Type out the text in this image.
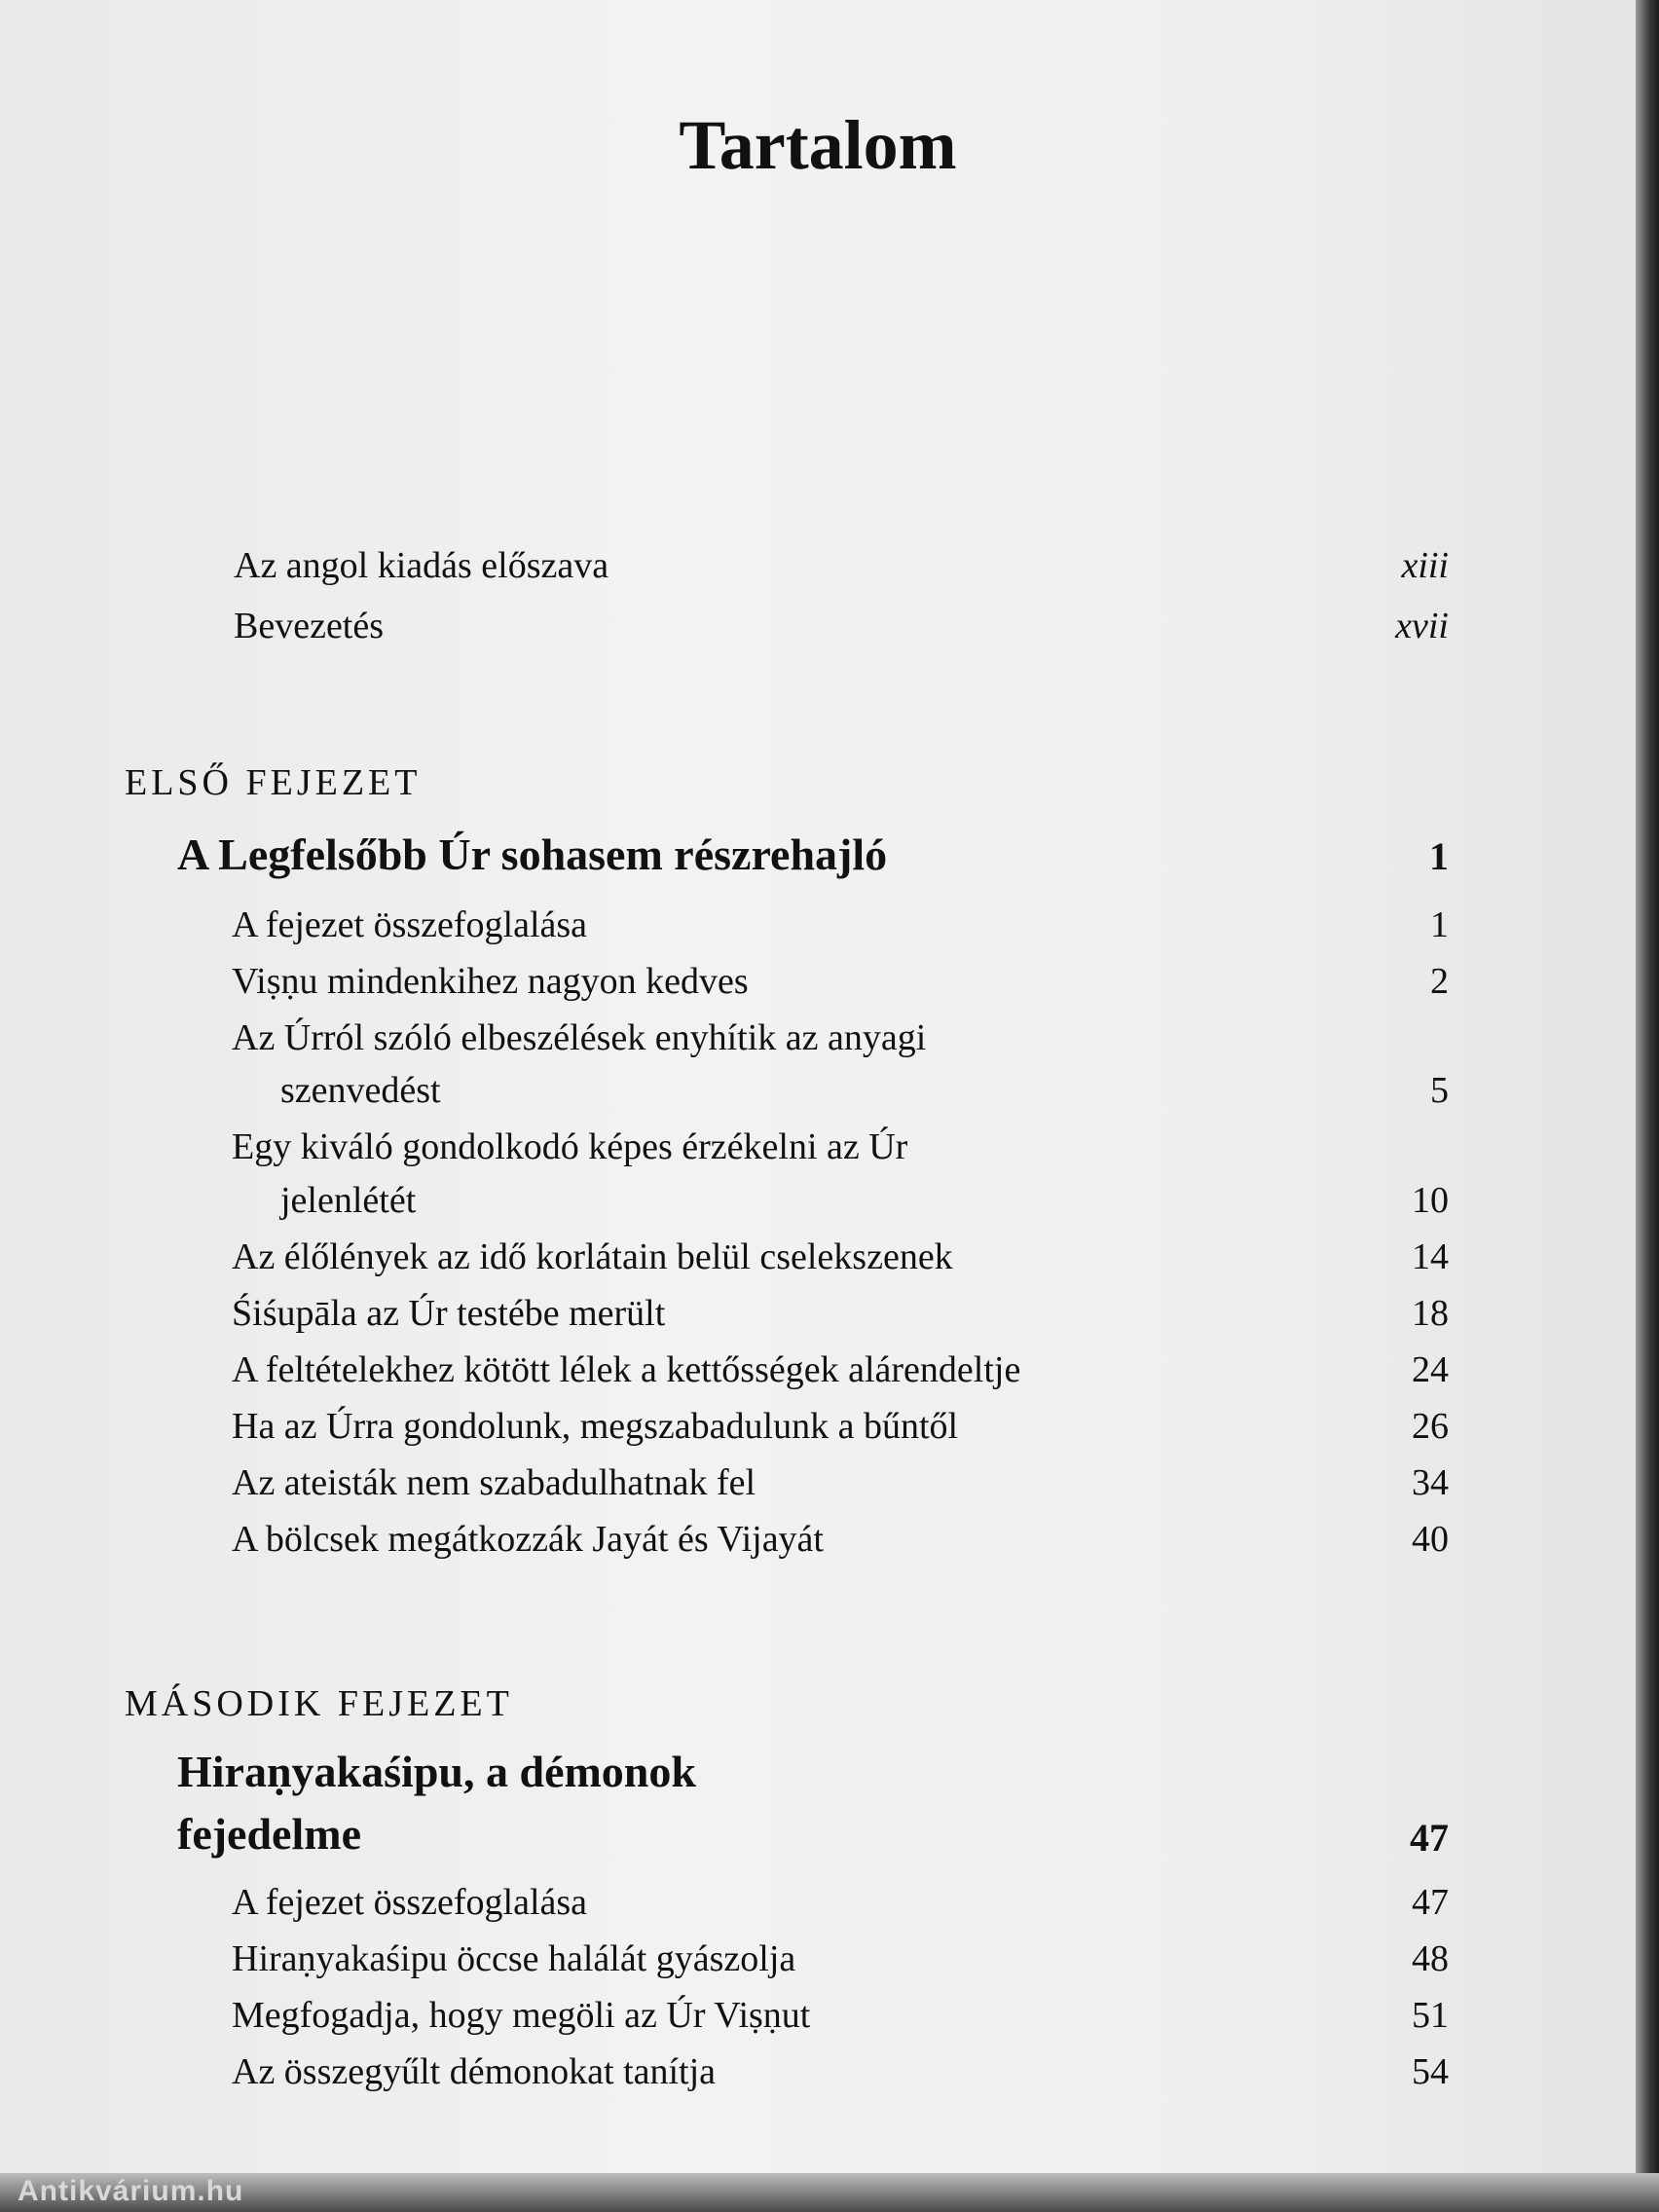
Tartalom
Az angol kiadás előszava	xiii
Bevezetés	xvii
ELSŐ FEJEZET
A Legfelsőbb Úr sohasem részrehajló	1
A fejezet összefoglalása	1
Viṣṇu mindenkihez nagyon kedves	2
Az Úrról szóló elbeszélések enyhítik az anyagi
szenvedést	5
Egy kiváló gondolkodó képes érzékelni az Úr
jelenlétét	10
Az élőlények az idő korlátain belül cselekszenek	14
Śiśupāla az Úr testébe merült	18
A feltételekhez kötött lélek a kettősségek alárendeltje	24
Ha az Úrra gondolunk, megszabadulunk a bűntől	26
Az ateisták nem szabadulhatnak fel	34
A bölcsek megátkozzák Jayát és Vijayát	40
MÁSODIK FEJEZET
Hiraṇyakaśipu, a démonok
fejedelme	47
A fejezet összefoglalása	47
Hiraṇyakaśipu öccse halálát gyászolja	48
Megfogadja, hogy megöli az Úr Viṣṇut	51
Az összegyűlt démonokat tanítja	54
Antikvárium.hu
